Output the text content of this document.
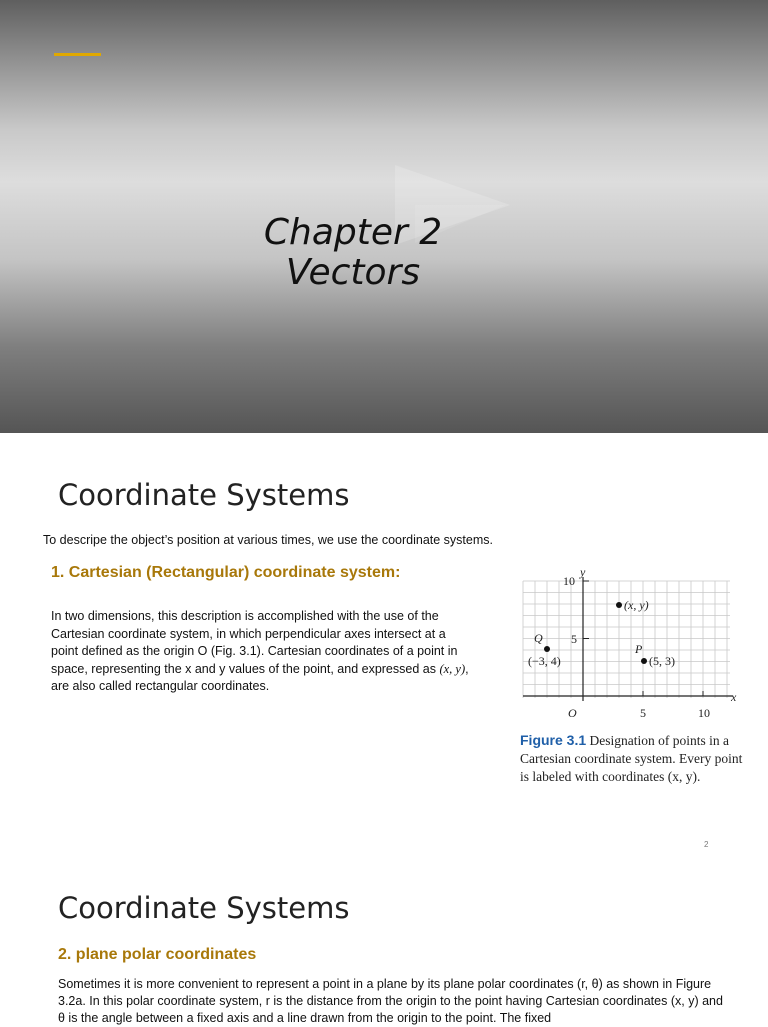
Chapter 2
Vectors
Coordinate Systems
To descripe the object’s position at various times, we use the coordinate systems.
1. Cartesian (Rectangular) coordinate system:
In two dimensions, this description is accomplished with the use of the Cartesian coordinate system, in which perpendicular axes intersect at a point defined as the origin O (Fig. 3.1). Cartesian coordinates of a point in space, representing the x and y values of the point, and expressed as (x, y), are also called rectangular coordinates.
y
x
10
5
O	5	10
(x, y)
Q
(−3, 4)
P
(5, 3)
Figure 3.1 Designation of points in a Cartesian coordinate system. Every point is labeled with coordinates (x, y).
2
Coordinate Systems
2. plane polar coordinates
Sometimes it is more convenient to represent a point in a plane by its plane polar coordinates (r, θ) as shown in Figure 3.2a. In this polar coordinate system, r is the distance from the origin to the point having Cartesian coordinates (x, y) and θ is the angle between a fixed axis and a line drawn from the origin to the point. The fixed
